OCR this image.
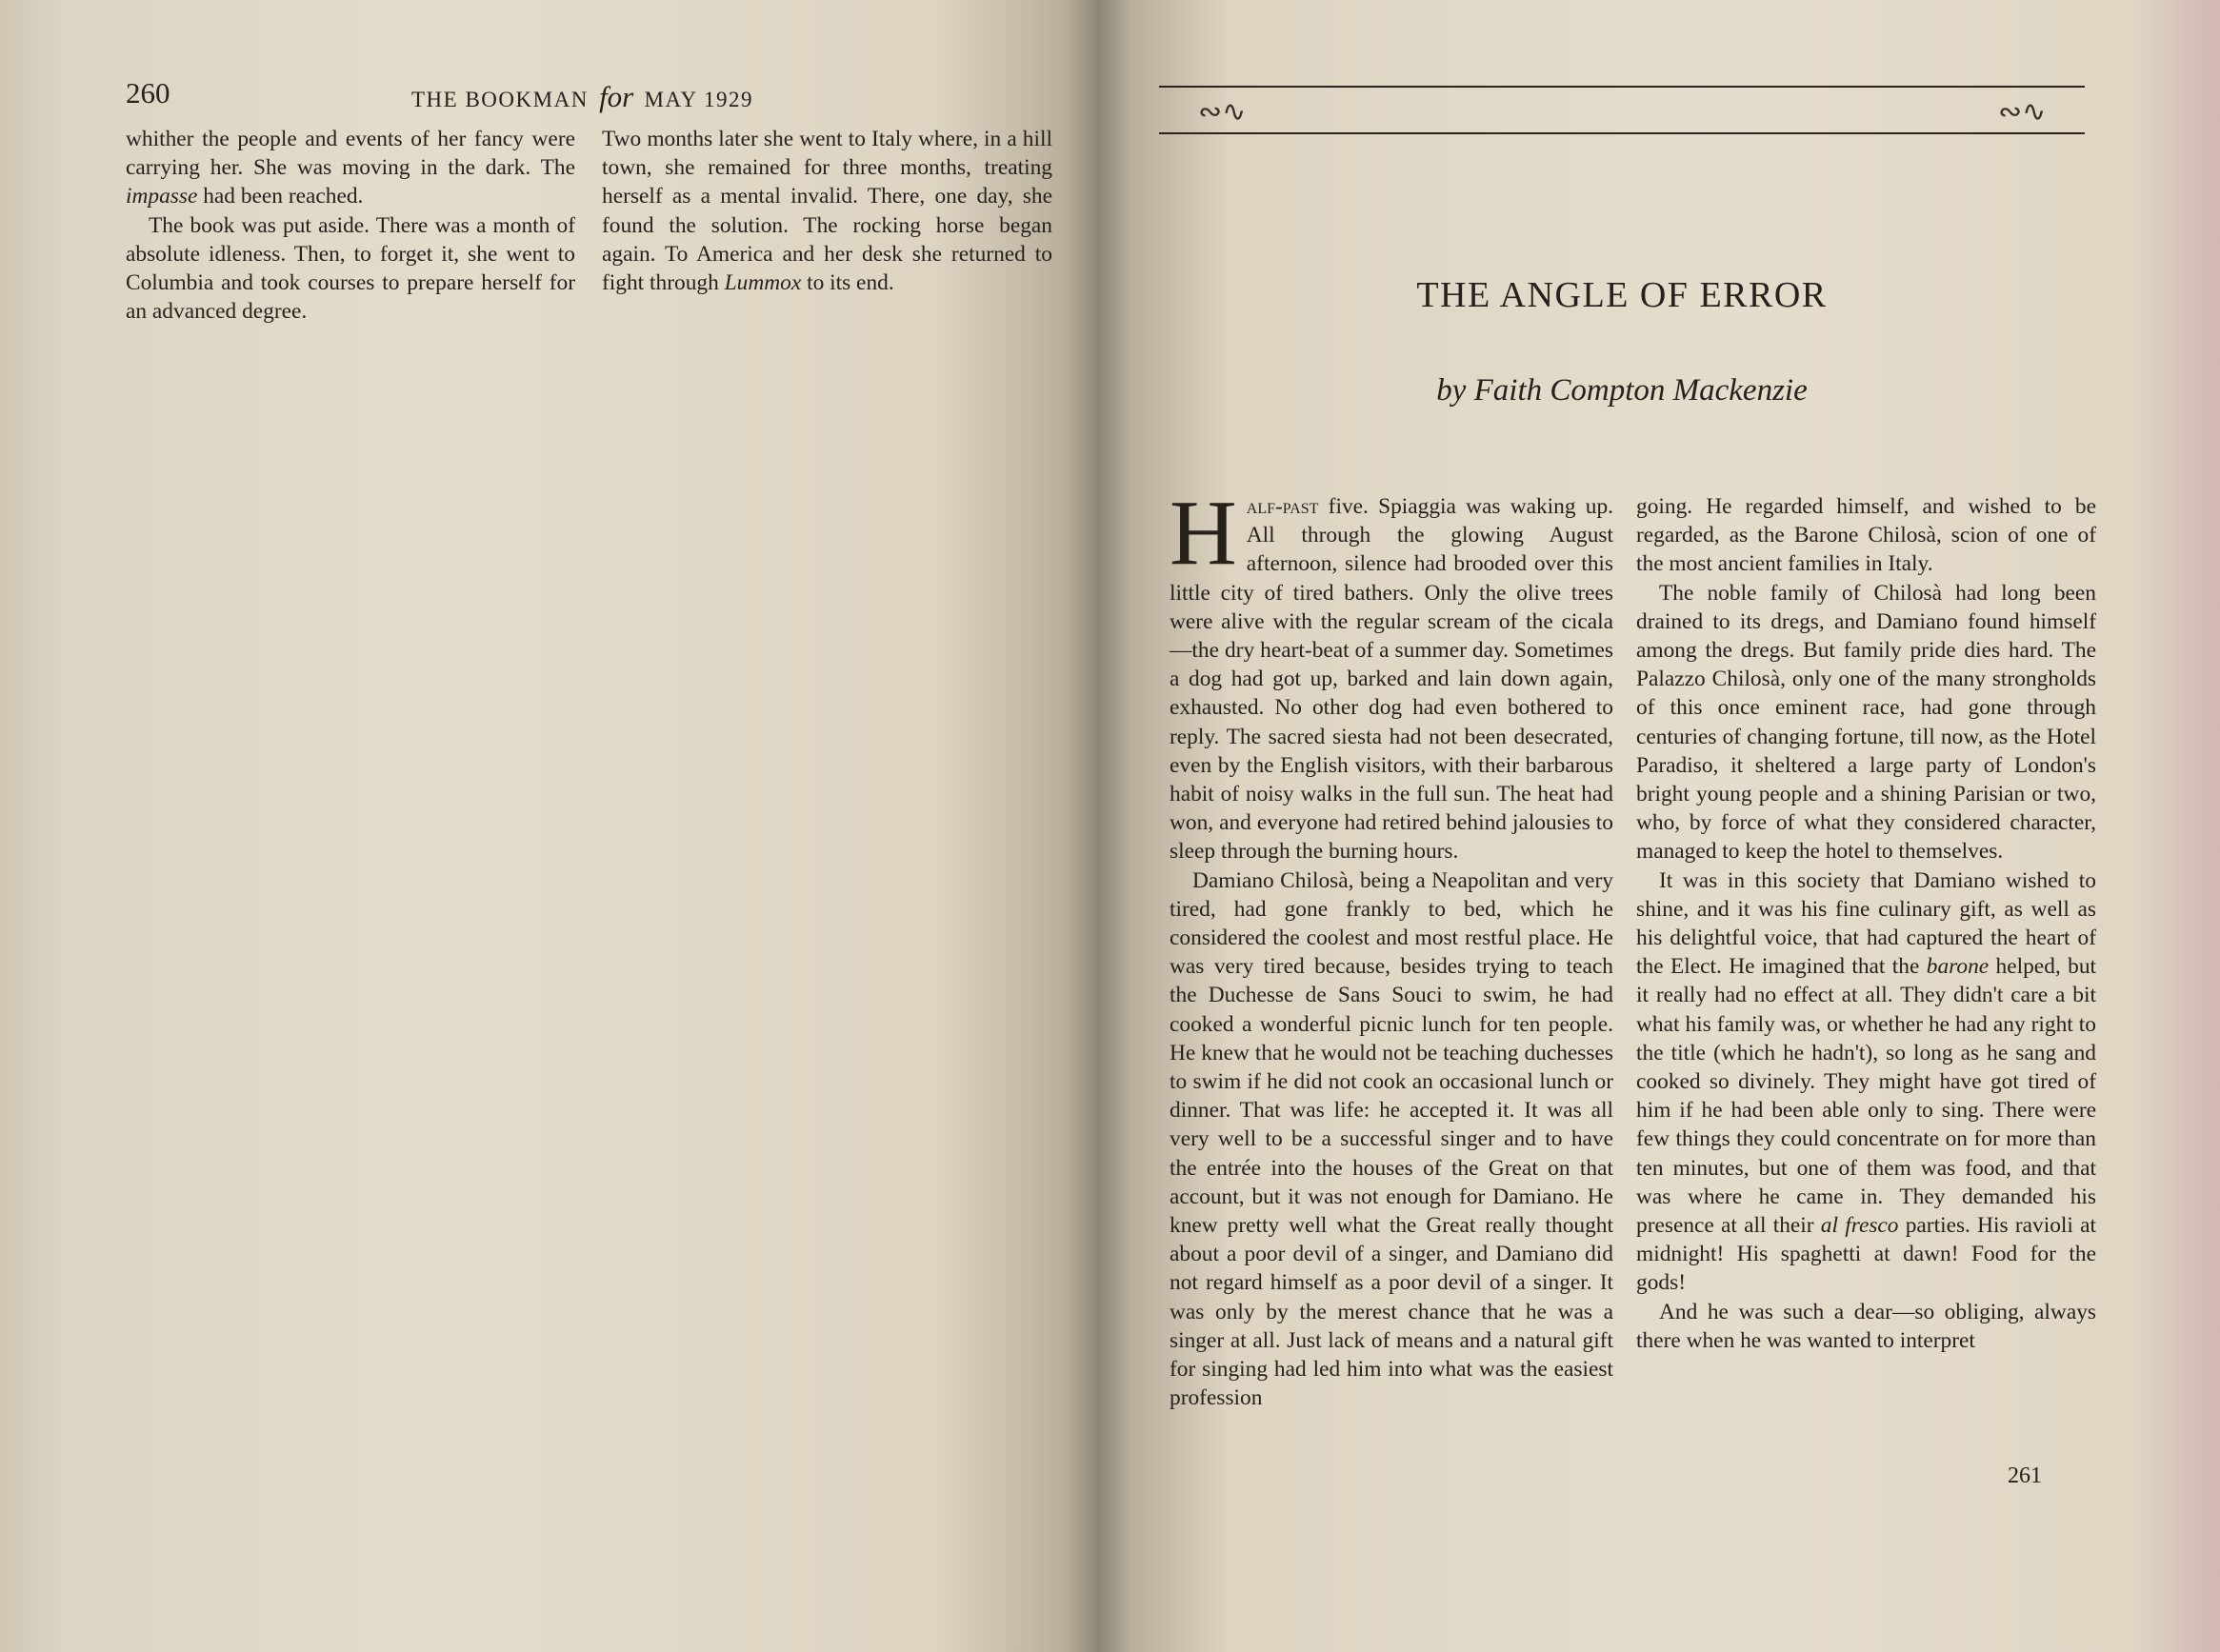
260	THE BOOKMAN for MAY 1929

whither the people and events of her fancy were carrying her. She was moving in the dark. The impasse had been reached.

The book was put aside. There was a month of absolute idleness. Then, to forget it, she went to Columbia and took courses to prepare herself for an advanced degree.

Two months later she went to Italy where, in a hill town, she remained for three months, treating herself as a mental invalid. There, one day, she found the solution. The rocking horse began again. To America and her desk she returned to fight through Lummox to its end.

∾∿	∾∿
THE ANGLE OF ERROR
by Faith Compton Mackenzie
H alf-past five. Spiaggia was waking up. All through the glowing August afternoon, silence had brooded over this little city of tired bathers. Only the olive trees were alive with the regular scream of the cicala—the dry heart-beat of a summer day. Sometimes a dog had got up, barked and lain down again, exhausted. No other dog had even bothered to reply. The sacred siesta had not been desecrated, even by the English visitors, with their barbarous habit of noisy walks in the full sun. The heat had won, and everyone had retired behind jalousies to sleep through the burning hours.

Damiano Chilosà, being a Neapolitan and very tired, had gone frankly to bed, which he considered the coolest and most restful place. He was very tired because, besides trying to teach the Duchesse de Sans Souci to swim, he had cooked a wonderful picnic lunch for ten people. He knew that he would not be teaching duchesses to swim if he did not cook an occasional lunch or dinner. That was life: he accepted it. It was all very well to be a successful singer and to have the entrée into the houses of the Great on that account, but it was not enough for Damiano. He knew pretty well what the Great really thought about a poor devil of a singer, and Damiano did not regard himself as a poor devil of a singer. It was only by the merest chance that he was a singer at all. Just lack of means and a natural gift for singing had led him into what was the easiest profession

going. He regarded himself, and wished to be regarded, as the Barone Chilosà, scion of one of the most ancient families in Italy.

The noble family of Chilosà had long been drained to its dregs, and Damiano found himself among the dregs. But family pride dies hard. The Palazzo Chilosà, only one of the many strongholds of this once eminent race, had gone through centuries of changing fortune, till now, as the Hotel Paradiso, it sheltered a large party of London's bright young people and a shining Parisian or two, who, by force of what they considered character, managed to keep the hotel to themselves.

It was in this society that Damiano wished to shine, and it was his fine culinary gift, as well as his delightful voice, that had captured the heart of the Elect. He imagined that the barone helped, but it really had no effect at all. They didn't care a bit what his family was, or whether he had any right to the title (which he hadn't), so long as he sang and cooked so divinely. They might have got tired of him if he had been able only to sing. There were few things they could concentrate on for more than ten minutes, but one of them was food, and that was where he came in. They demanded his presence at all their al fresco parties. His ravioli at midnight! His spaghetti at dawn! Food for the gods!

And he was such a dear—so obliging, always there when he was wanted to interpret

261
